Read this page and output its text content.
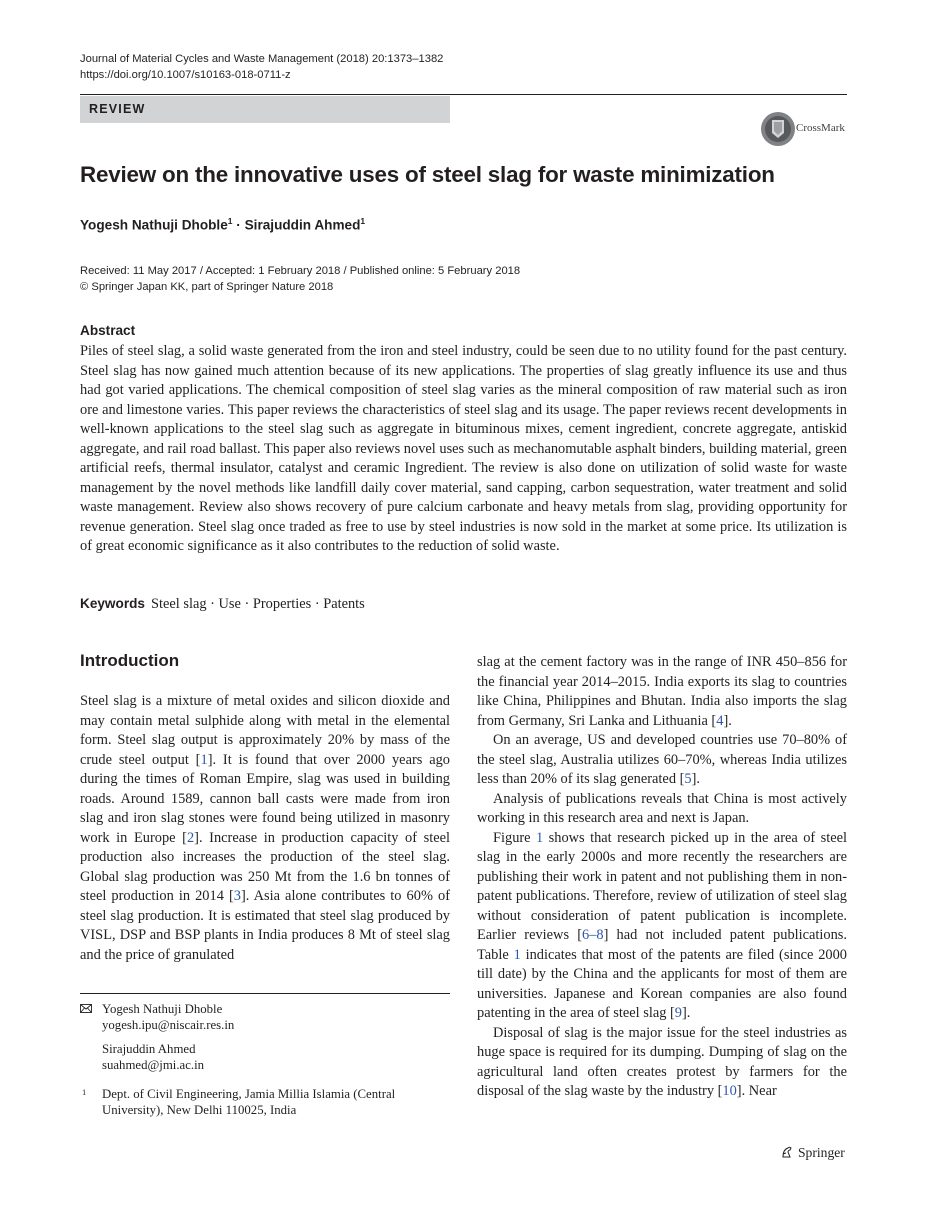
Journal of Material Cycles and Waste Management (2018) 20:1373–1382
https://doi.org/10.1007/s10163-018-0711-z
REVIEW
CrossMark
Review on the innovative uses of steel slag for waste minimization
Yogesh Nathuji Dhoble$^1$ · Sirajuddin Ahmed$^1$
Received: 11 May 2017 / Accepted: 1 February 2018 / Published online: 5 February 2018
© Springer Japan KK, part of Springer Nature 2018
Abstract
Piles of steel slag, a solid waste generated from the iron and steel industry, could be seen due to no utility found for the past century. Steel slag has now gained much attention because of its new applications. The properties of slag greatly influence its use and thus had got varied applications. The chemical composition of steel slag varies as the mineral composition of raw material such as iron ore and limestone varies. This paper reviews the characteristics of steel slag and its usage. The paper reviews recent developments in well-known applications to the steel slag such as aggregate in bituminous mixes, cement ingredient, concrete aggregate, antiskid aggregate, and rail road ballast. This paper also reviews novel uses such as mechanomutable asphalt binders, building material, green artificial reefs, thermal insulator, catalyst and ceramic Ingredient. The review is also done on utilization of solid waste for waste management by the novel methods like landfill daily cover material, sand capping, carbon sequestration, water treatment and solid waste management. Review also shows recovery of pure calcium carbonate and heavy metals from slag, providing opportunity for revenue generation. Steel slag once traded as free to use by steel industries is now sold in the market at some price. Its utilization is of great economic significance as it also contributes to the reduction of solid waste.
Keywords Steel slag · Use · Properties · Patents
Introduction

Steel slag is a mixture of metal oxides and silicon dioxide and may contain metal sulphide along with metal in the elemental form. Steel slag output is approximately 20% by mass of the crude steel output [1]. It is found that over 2000 years ago during the times of Roman Empire, slag was used in building roads. Around 1589, cannon ball casts were made from iron slag and iron slag stones were found being utilized in masonry work in Europe [2]. Increase in production capacity of steel production also increases the production of the steel slag. Global slag production was 250 Mt from the 1.6 bn tonnes of steel production in 2014 [3]. Asia alone contributes to 60% of steel slag production. It is estimated that steel slag produced by VISL, DSP and BSP plants in India produces 8 Mt of steel slag and the price of granulated

slag at the cement factory was in the range of INR 450–856 for the financial year 2014–2015. India exports its slag to countries like China, Philippines and Bhutan. India also imports the slag from Germany, Sri Lanka and Lithuania [4].

On an average, US and developed countries use 70–80% of the steel slag, Australia utilizes 60–70%, whereas India utilizes less than 20% of its slag generated [5].

Analysis of publications reveals that China is most actively working in this research area and next is Japan.

Figure 1 shows that research picked up in the area of steel slag in the early 2000s and more recently the researchers are publishing their work in patent and not publishing them in non-patent publications. Therefore, review of utilization of steel slag without consideration of patent publication is incomplete. Earlier reviews [6–8] had not included patent publications. Table 1 indicates that most of the patents are filed (since 2000 till date) by the China and the applicants for most of them are universities. Japanese and Korean companies are also found patenting in the area of steel slag [9].

Disposal of slag is the major issue for the steel industries as huge space is required for its dumping. Dumping of slag on the agricultural land often creates protest by farmers for the disposal of the slag waste by the industry [10]. Near

Yogesh Nathuji Dhoble
yogesh.ipu@niscair.res.in
Sirajuddin Ahmed
suahmed@jmi.ac.in
1 Dept. of Civil Engineering, Jamia Millia Islamia (Central University), New Delhi 110025, India
Springer
